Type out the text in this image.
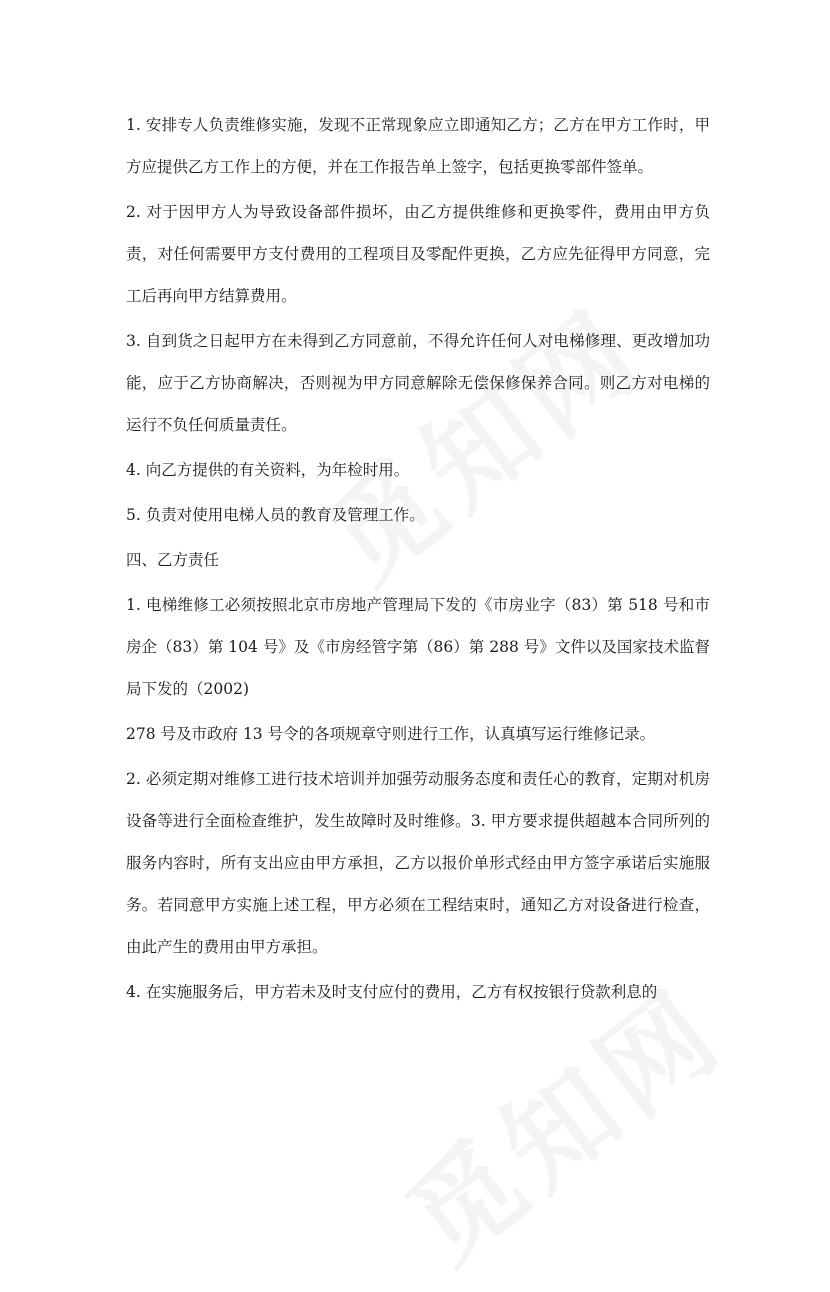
1. 安排专人负责维修实施，发现不正常现象应立即通知乙方；乙方在甲方工作时，甲方应提供乙方工作上的方便，并在工作报告单上签字，包括更换零部件签单。

2. 对于因甲方人为导致设备部件损坏，由乙方提供维修和更换零件，费用由甲方负责，对任何需要甲方支付费用的工程项目及零配件更换，乙方应先征得甲方同意，完工后再向甲方结算费用。

3. 自到货之日起甲方在未得到乙方同意前，不得允许任何人对电梯修理、更改增加功能，应于乙方协商解决，否则视为甲方同意解除无偿保修保养合同。则乙方对电梯的运行不负任何质量责任。

4. 向乙方提供的有关资料，为年检时用。

5. 负责对使用电梯人员的教育及管理工作。

四、乙方责任

1. 电梯维修工必须按照北京市房地产管理局下发的《市房业字（83）第 518 号和市房企（83）第 104 号》及《市房经管字第（86）第 288 号》文件以及国家技术监督局下发的（2002)

278 号及市政府 13 号令的各项规章守则进行工作，认真填写运行维修记录。

2. 必须定期对维修工进行技术培训并加强劳动服务态度和责任心的教育，定期对机房设备等进行全面检查维护，发生故障时及时维修。3. 甲方要求提供超越本合同所列的服务内容时，所有支出应由甲方承担，乙方以报价单形式经由甲方签字承诺后实施服务。若同意甲方实施上述工程，甲方必须在工程结束时，通知乙方对设备进行检查，由此产生的费用由甲方承担。

4. 在实施服务后，甲方若未及时支付应付的费用，乙方有权按银行贷款利息的
